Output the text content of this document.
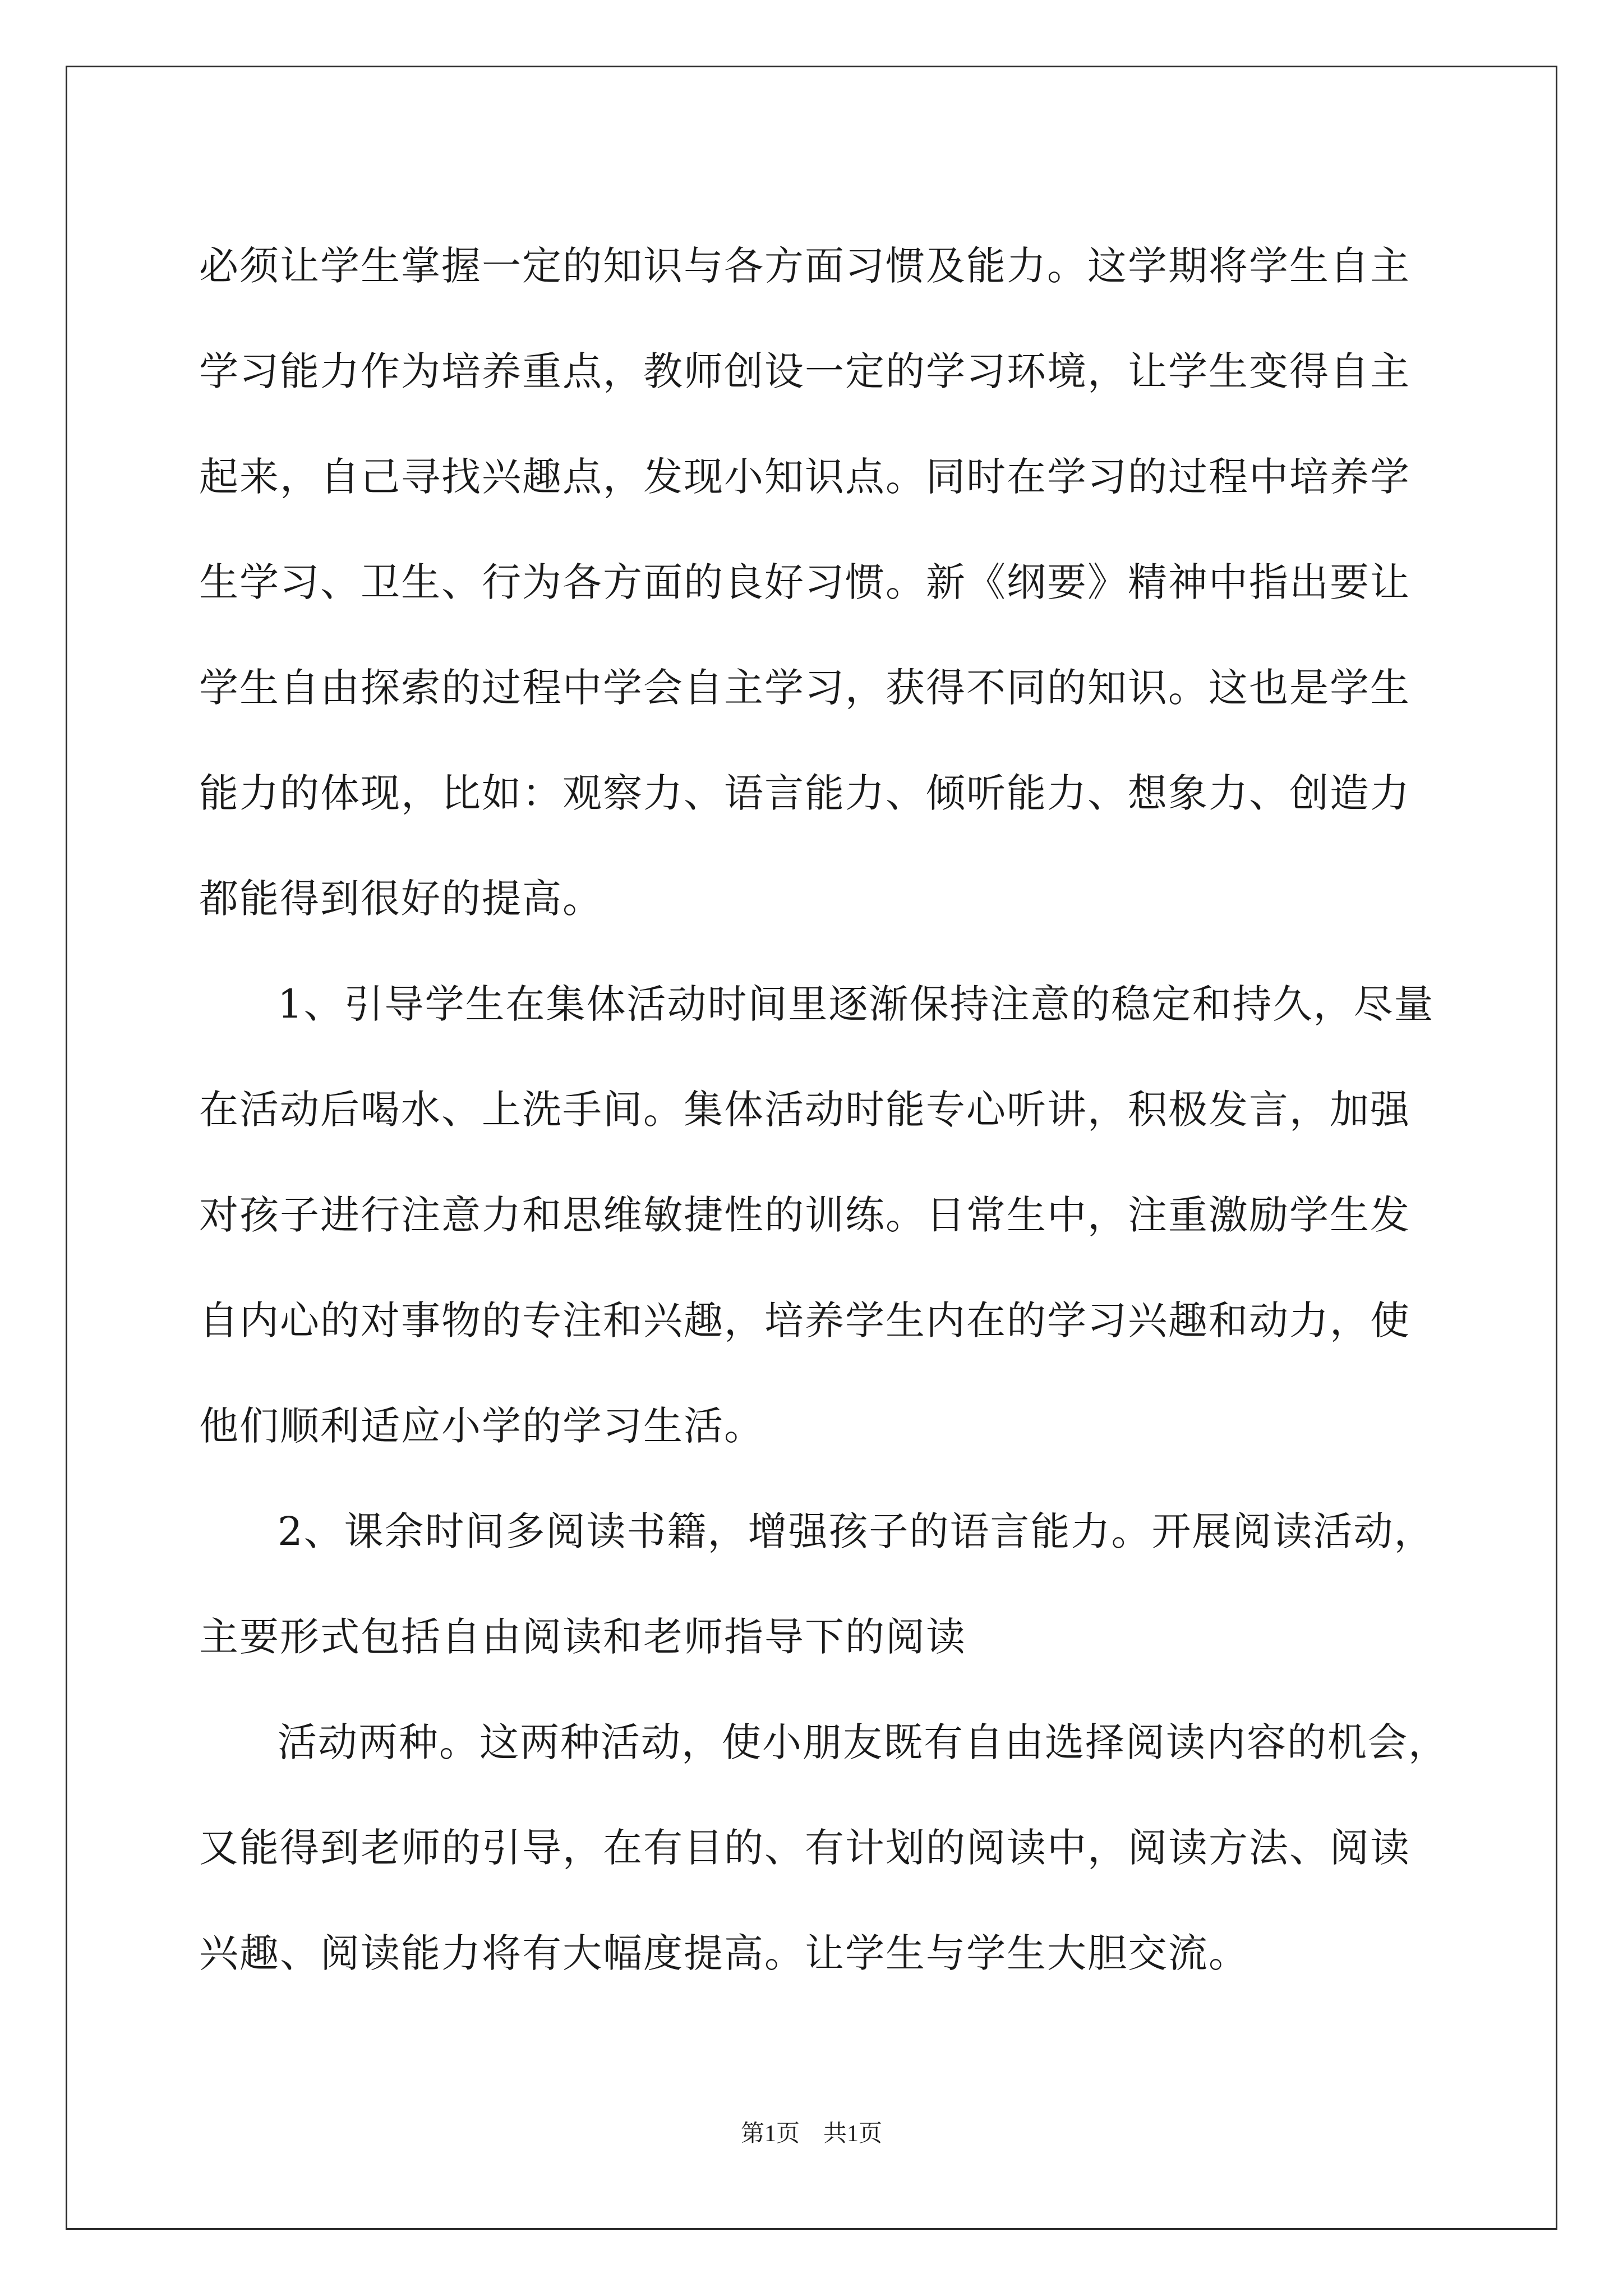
必须让学生掌握一定的知识与各方面习惯及能力。这学期将学生自主

学习能力作为培养重点，教师创设一定的学习环境，让学生变得自主

起来，自己寻找兴趣点，发现小知识点。同时在学习的过程中培养学

生学习、卫生、行为各方面的良好习惯。新《纲要》精神中指出要让

学生自由探索的过程中学会自主学习，获得不同的知识。这也是学生

能力的体现，比如：观察力、语言能力、倾听能力、想象力、创造力

都能得到很好的提高。

1、引导学生在集体活动时间里逐渐保持注意的稳定和持久，尽量

在活动后喝水、上洗手间。集体活动时能专心听讲，积极发言，加强

对孩子进行注意力和思维敏捷性的训练。日常生中，注重激励学生发

自内心的对事物的专注和兴趣，培养学生内在的学习兴趣和动力，使

他们顺利适应小学的学习生活。

2、课余时间多阅读书籍，增强孩子的语言能力。开展阅读活动，

主要形式包括自由阅读和老师指导下的阅读

活动两种。这两种活动，使小朋友既有自由选择阅读内容的机会，

又能得到老师的引导，在有目的、有计划的阅读中，阅读方法、阅读

兴趣、阅读能力将有大幅度提高。让学生与学生大胆交流。

第1页　共1页
